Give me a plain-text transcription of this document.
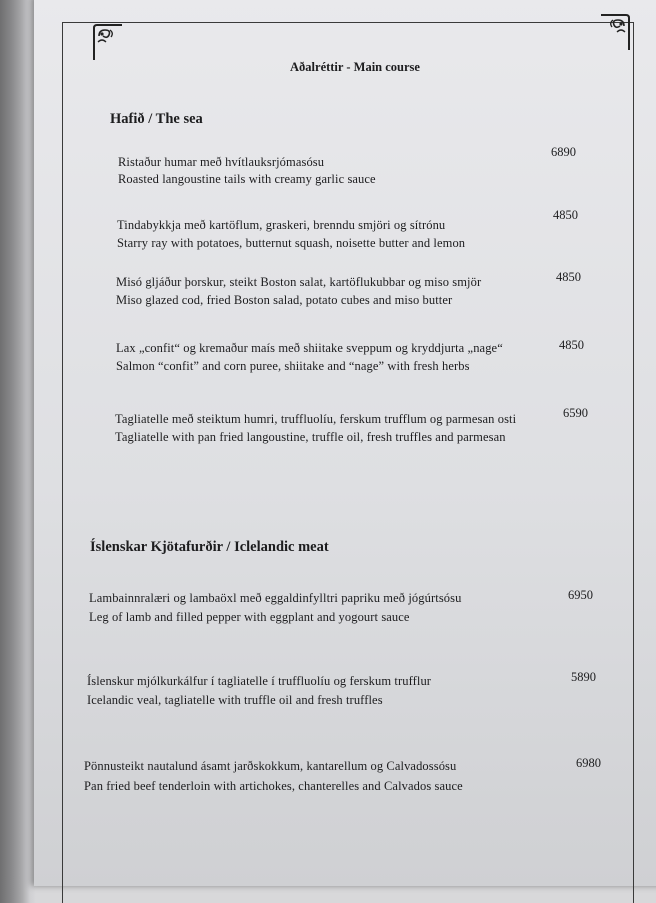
Aðalréttir - Main course
Hafið / The sea
Ristaður humar með hvítlauksrjómasósu
Roasted langoustine tails with creamy garlic sauce
6890
Tindabykkja með kartöflum, graskeri, brenndu smjöri og sítrónu
Starry ray with potatoes, butternut squash, noisette butter and lemon
4850
Misó gljáður þorskur, steikt Boston salat, kartöflukubbar og miso smjör
Miso glazed cod, fried Boston salad, potato cubes and miso butter
4850
Lax „confit“ og kremaður maís með shiitake sveppum og kryddjurta „nage“
Salmon “confit” and corn puree, shiitake and “nage” with fresh herbs
4850
Tagliatelle með steiktum humri, truffluolíu, ferskum trufflum og parmesan osti
Tagliatelle with pan fried langoustine, truffle oil, fresh truffles and parmesan
6590
Íslenskar Kjötafurðir / Iclelandic meat
Lambainnralæri og lambaöxl með eggaldinfylltri papriku með jógúrtsósu
Leg of lamb and filled pepper with eggplant and yogourt sauce
6950
Íslenskur mjólkurkálfur í tagliatelle í truffluolíu og ferskum trufflur
Icelandic veal, tagliatelle with truffle oil and fresh truffles
5890
Pönnusteikt nautalund ásamt jarðskokkum, kantarellum og Calvadossósu
Pan fried beef tenderloin with artichokes, chanterelles and Calvados sauce
6980
